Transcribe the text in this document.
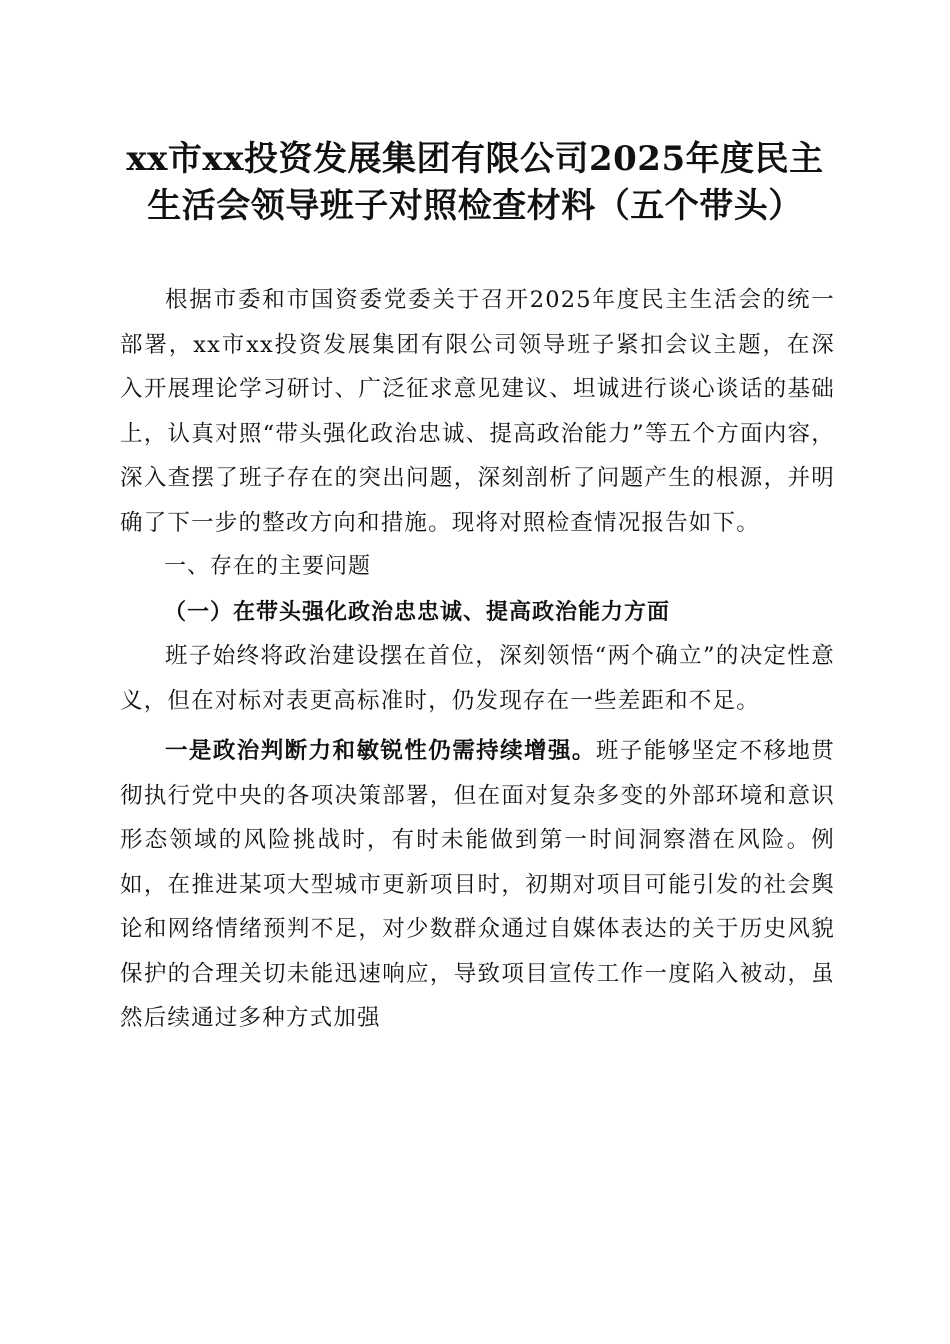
xx市xx投资发展集团有限公司2025年度民主
生活会领导班子对照检查材料（五个带头）

根据市委和市国资委党委关于召开2025年度民主生活会的统一部署，xx市xx投资发展集团有限公司领导班子紧扣会议主题，在深入开展理论学习研讨、广泛征求意见建议、坦诚进行谈心谈话的基础上，认真对照“带头强化政治忠诚、提高政治能力”等五个方面内容，深入查摆了班子存在的突出问题，深刻剖析了问题产生的根源，并明确了下一步的整改方向和措施。现将对照检查情况报告如下。

一、存在的主要问题

（一）在带头强化政治忠忠诚、提高政治能力方面

班子始终将政治建设摆在首位，深刻领悟“两个确立”的决定性意义，但在对标对表更高标准时，仍发现存在一些差距和不足。

一是政治判断力和敏锐性仍需持续增强。班子能够坚定不移地贯彻执行党中央的各项决策部署，但在面对复杂多变的外部环境和意识形态领域的风险挑战时，有时未能做到第一时间洞察潜在风险。例如，在推进某项大型城市更新项目时，初期对项目可能引发的社会舆论和网络情绪预判不足，对少数群众通过自媒体表达的关于历史风貌保护的合理关切未能迅速响应，导致项目宣传工作一度陷入被动，虽然后续通过多种方式加强
